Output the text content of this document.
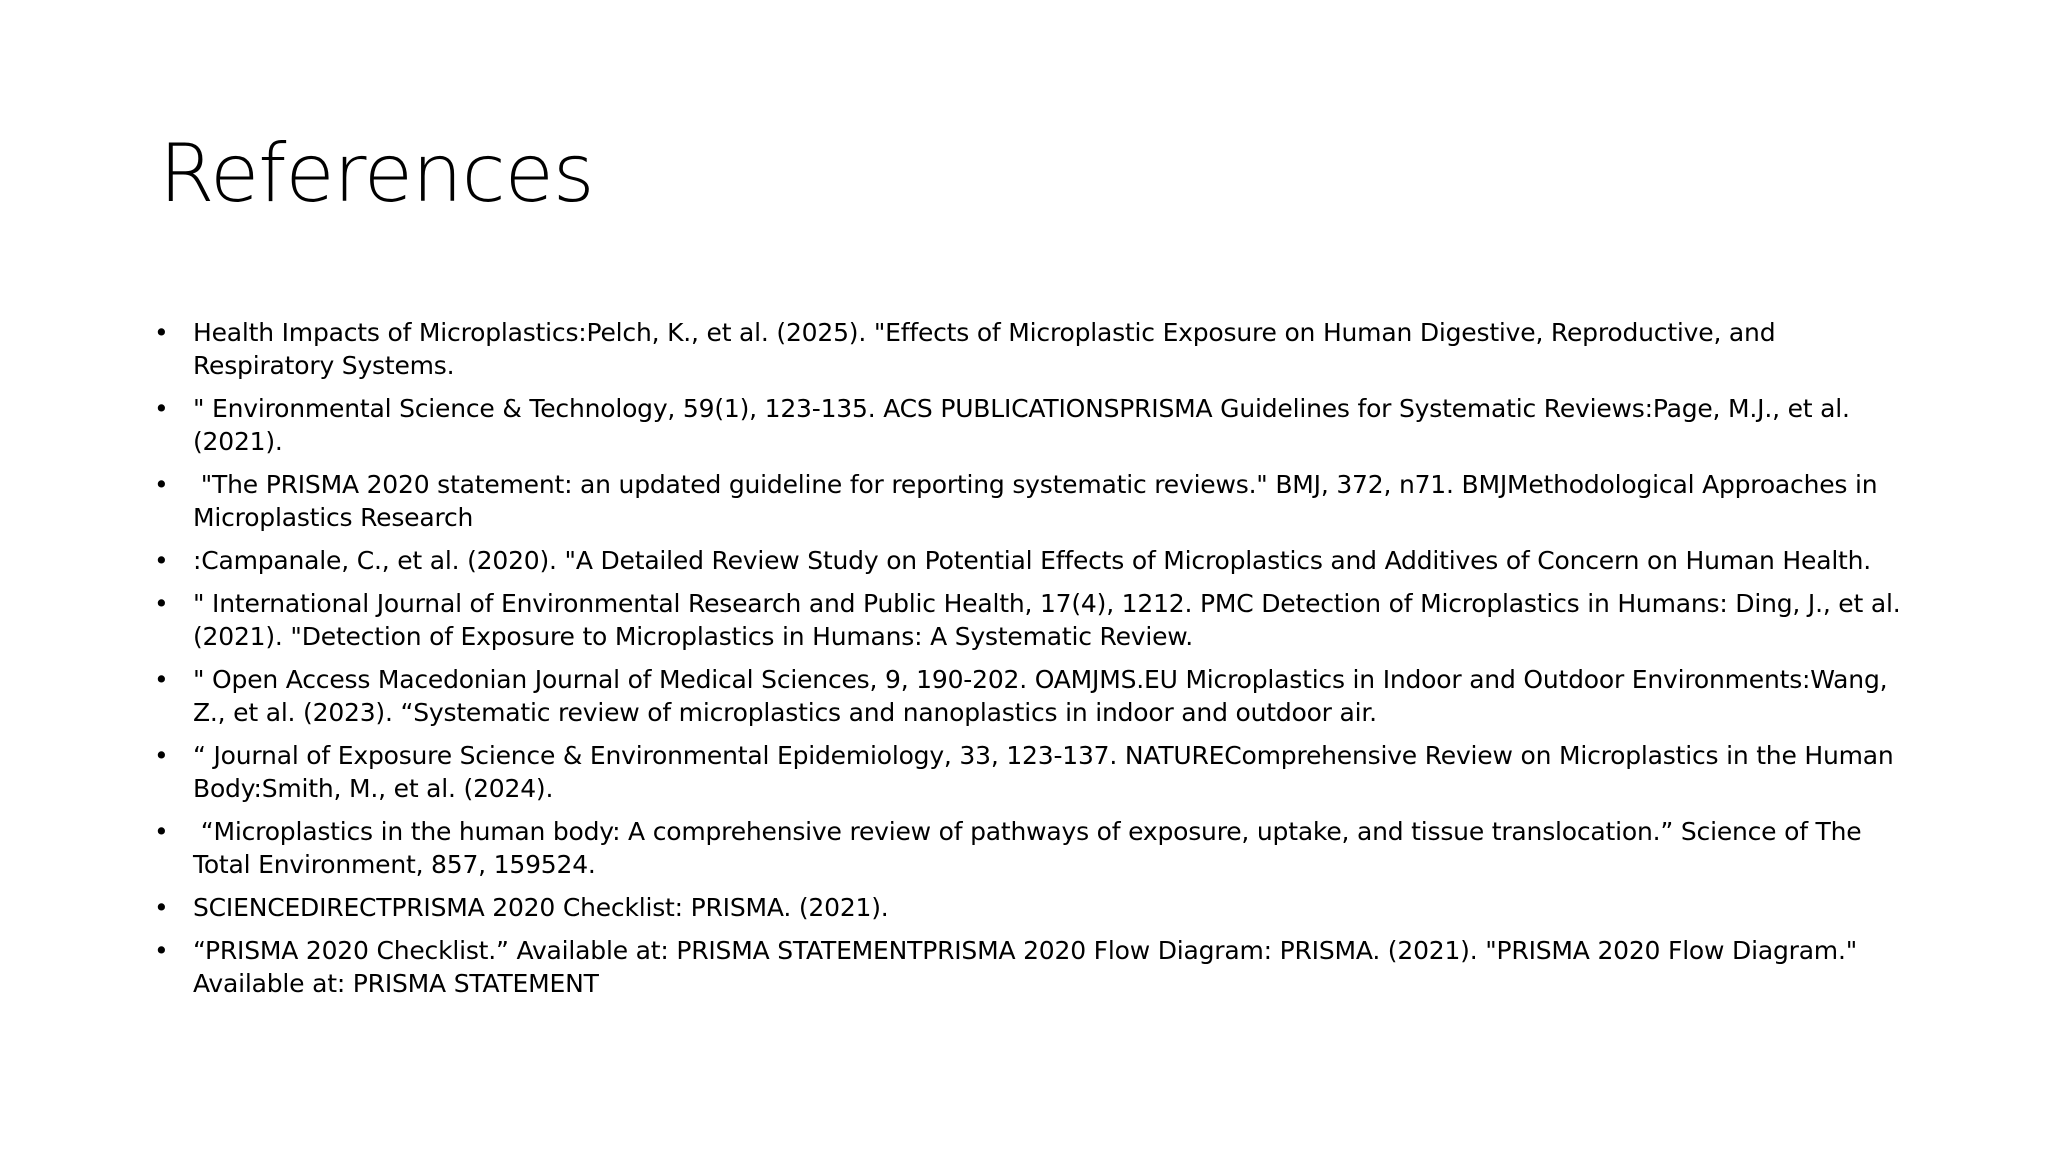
References
• Health Impacts of Microplastics:Pelch, K., et al. (2025). "Effects of Microplastic Exposure on Human Digestive, Reproductive, and Respiratory Systems.
• " Environmental Science & Technology, 59(1), 123-135. ACS PUBLICATIONSPRISMA Guidelines for Systematic Reviews:Page, M.J., et al. (2021).
• "The PRISMA 2020 statement: an updated guideline for reporting systematic reviews." BMJ, 372, n71. BMJMethodological Approaches in Microplastics Research
• :Campanale, C., et al. (2020). "A Detailed Review Study on Potential Effects of Microplastics and Additives of Concern on Human Health.
• " International Journal of Environmental Research and Public Health, 17(4), 1212. PMC Detection of Microplastics in Humans: Ding, J., et al. (2021). "Detection of Exposure to Microplastics in Humans: A Systematic Review.
• " Open Access Macedonian Journal of Medical Sciences, 9, 190-202. OAMJMS.EU Microplastics in Indoor and Outdoor Environments:Wang, Z., et al. (2023). “Systematic review of microplastics and nanoplastics in indoor and outdoor air.
• “ Journal of Exposure Science & Environmental Epidemiology, 33, 123-137. NATUREComprehensive Review on Microplastics in the Human Body:Smith, M., et al. (2024).
• “Microplastics in the human body: A comprehensive review of pathways of exposure, uptake, and tissue translocation.” Science of The Total Environment, 857, 159524.
• SCIENCEDIRECTPRISMA 2020 Checklist: PRISMA. (2021).
• “PRISMA 2020 Checklist.” Available at: PRISMA STATEMENTPRISMA 2020 Flow Diagram: PRISMA. (2021). "PRISMA 2020 Flow Diagram." Available at: PRISMA STATEMENT
